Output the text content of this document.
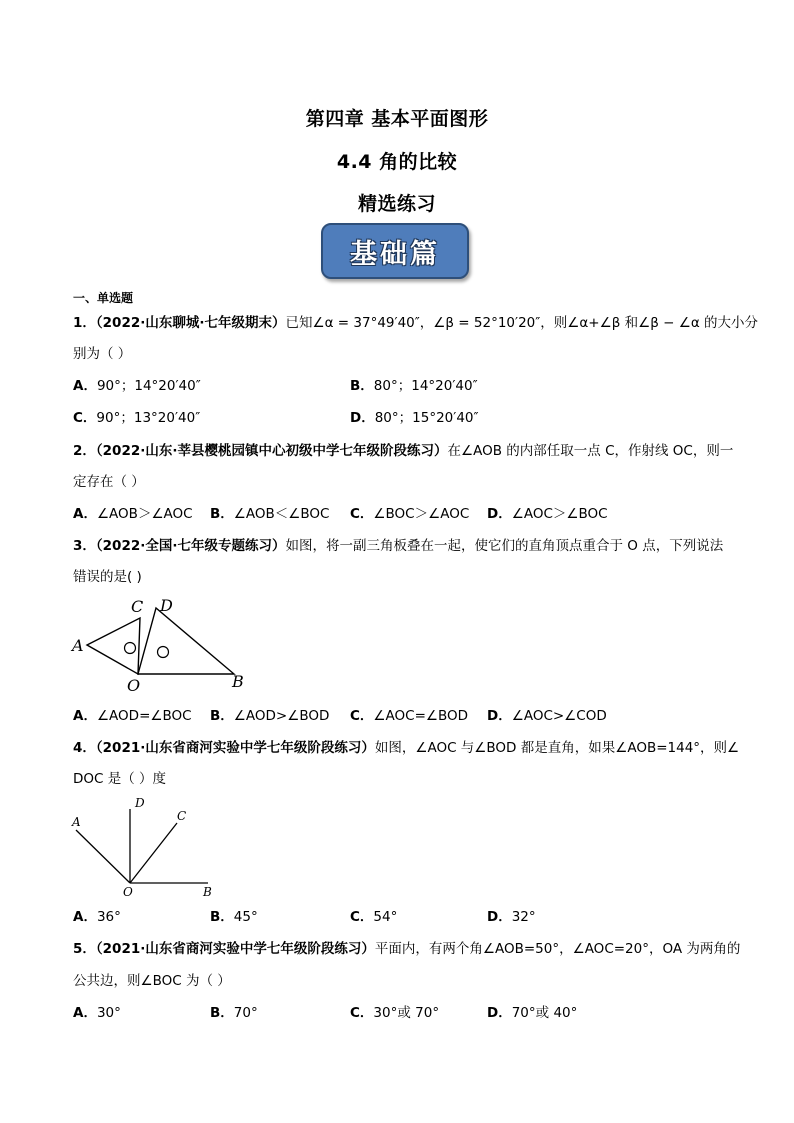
第四章 基本平面图形
4.4 角的比较
精选练习
基础篇
一、单选题
1．（2022·山东聊城·七年级期末）已知∠α = 37°49′40″，∠β = 52°10′20″，则∠α+∠β 和∠β − ∠α 的大小分
别为（ ）
A．90°；14°20′40″	B．80°；14°20′40″
C．90°；13°20′40″	D．80°；15°20′40″
2．（2022·山东·莘县樱桃园镇中心初级中学七年级阶段练习）在∠AOB 的内部任取一点 C，作射线 OC，则一
定存在（ ）
A．∠AOB＞∠AOC B．∠AOB＜∠BOC C．∠BOC＞∠AOC D．∠AOC＞∠BOC
3．（2022·全国·七年级专题练习）如图，将一副三角板叠在一起，使它们的直角顶点重合于 O 点，下列说法
错误的是( )
A
C D
O	B
A．∠AOD=∠BOC B．∠AOD>∠BOD C．∠AOC=∠BOD D．∠AOC>∠COD
4．（2021·山东省商河实验中学七年级阶段练习）如图，∠AOC 与∠BOD 都是直角，如果∠AOB=144°，则∠
DOC 是（ ）度
A
D
C
O	B
A．36°	B．45°	C．54°	D．32°
5．（2021·山东省商河实验中学七年级阶段练习）平面内，有两个角∠AOB=50°，∠AOC=20°，OA 为两角的
公共边，则∠BOC 为（ ）
A．30°	B．70°	C．30°或 70°	D．70°或 40°
